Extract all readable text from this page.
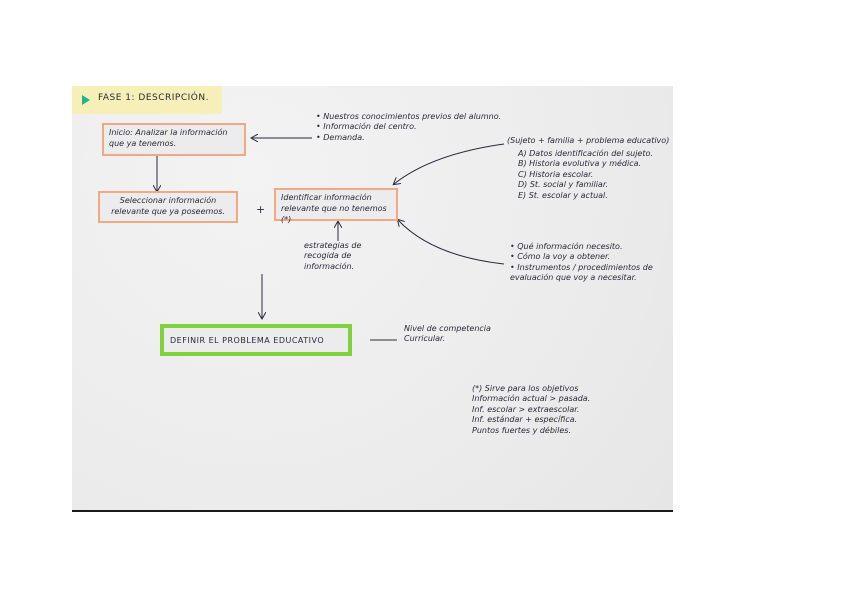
FASE 1: DESCRIPCIÓN.
Inicio: Analizar la información que ya tenemos.
Seleccionar información relevante que ya poseemos.	+
Identificar información relevante que no tenemos (*)
• Nuestros conocimientos previos del alumno.
• Información del centro.
• Demanda.	(Sujeto + familia + problema educativo)
A) Datos identificación del sujeto.
B) Historia evolutiva y médica.
C) Historia escolar.
D) St. social y familiar.
E) St. escolar y actual.
• Qué información necesito.
• Cómo la voy a obtener.
• Instrumentos / procedimientos de evaluación que voy a necesitar.
estrategias de recogida de información.
DEFINIR EL PROBLEMA EDUCATIVO
Nivel de competencia Curricular.
(*) Sirve para los objetivos
Información actual > pasada.
Inf. escolar > extraescolar.
Inf. estándar + específica.
Puntos fuertes y débiles.
